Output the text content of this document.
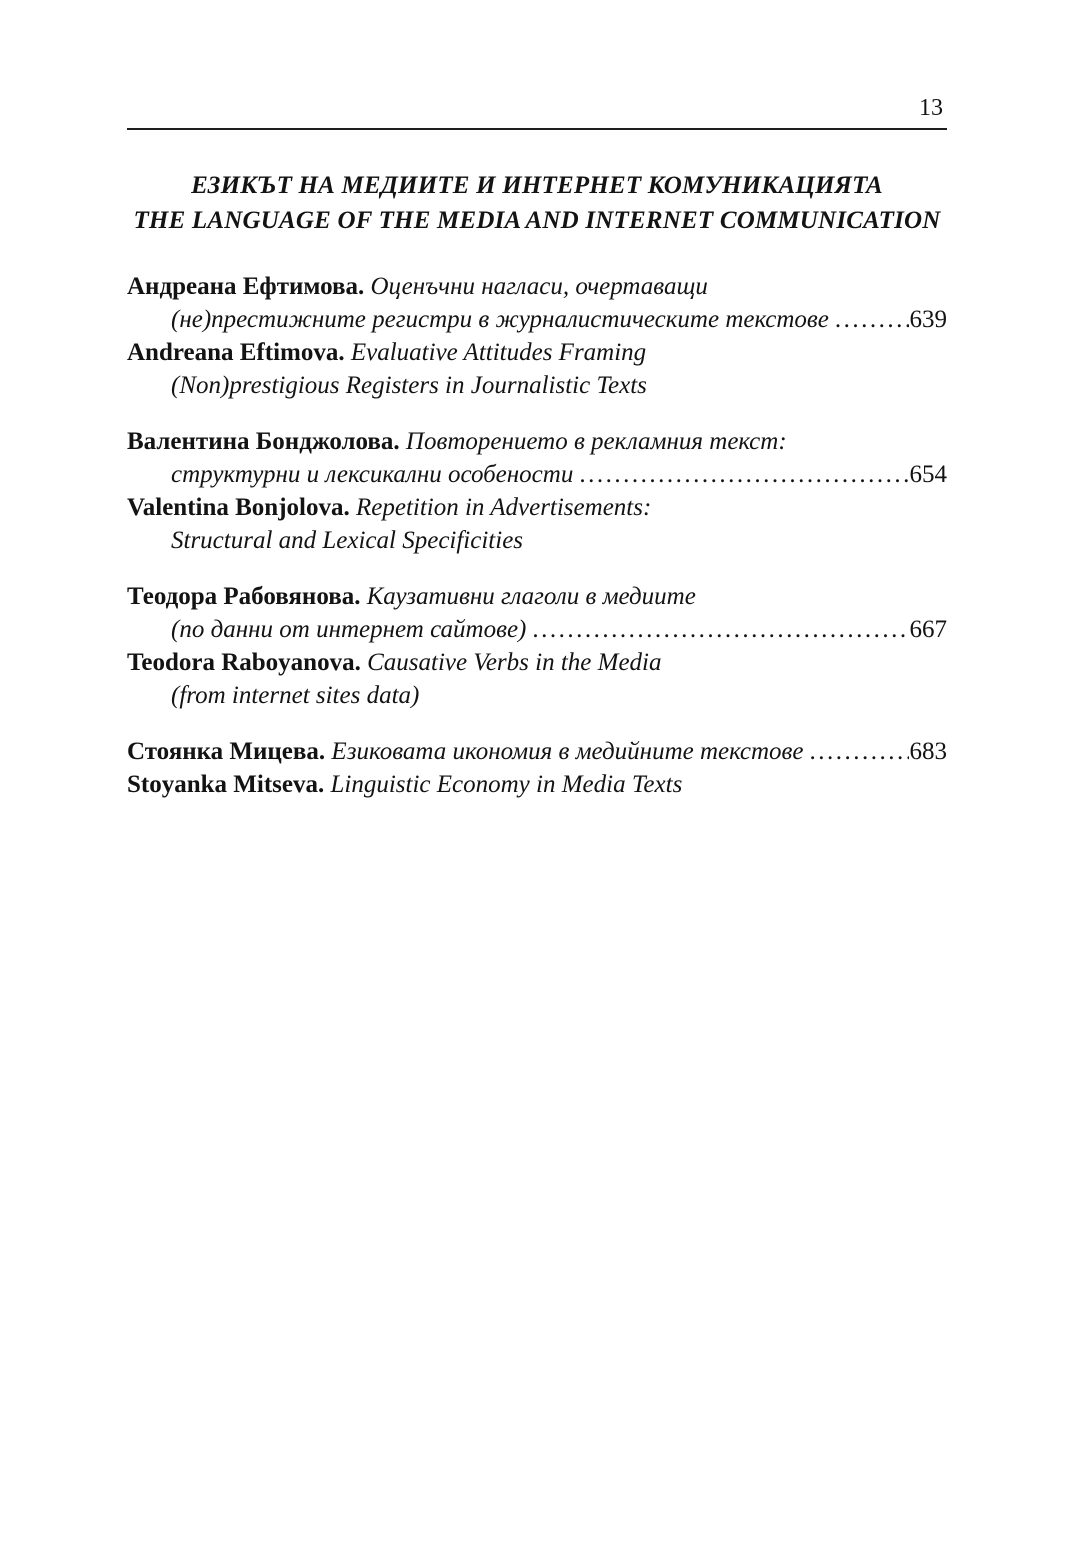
13
ЕЗИКЪТ НА МЕДИИТЕ И ИНТЕРНЕТ КОМУНИКАЦИЯТА
THE LANGUAGE OF THE MEDIA AND INTERNET COMMUNICATION
Андреана Ефтимова. Оценъчни нагласи, очертаващи
(не)престижните регистри в журналистическите текстове .....	639
Andreana Eftimova. Evaluative Attitudes Framing
(Non)prestigious Registers in Journalistic Texts
Валентина Бонджолова. Повторението в рекламния текст:
структурни и лексикални особености .....	654
Valentina Bonjolova. Repetition in Advertisements:
Structural and Lexical Specificities
Теодора Рабовянова. Каузативни глаголи в медиите
(по данни от интернет сайтове) .....	667
Teodora Raboyanova. Causative Verbs in the Media
(from internet sites data)
Стоянка Мицева. Езиковата икономия в медийните текстове .....	683
Stoyanka Mitseva. Linguistic Economy in Media Texts
